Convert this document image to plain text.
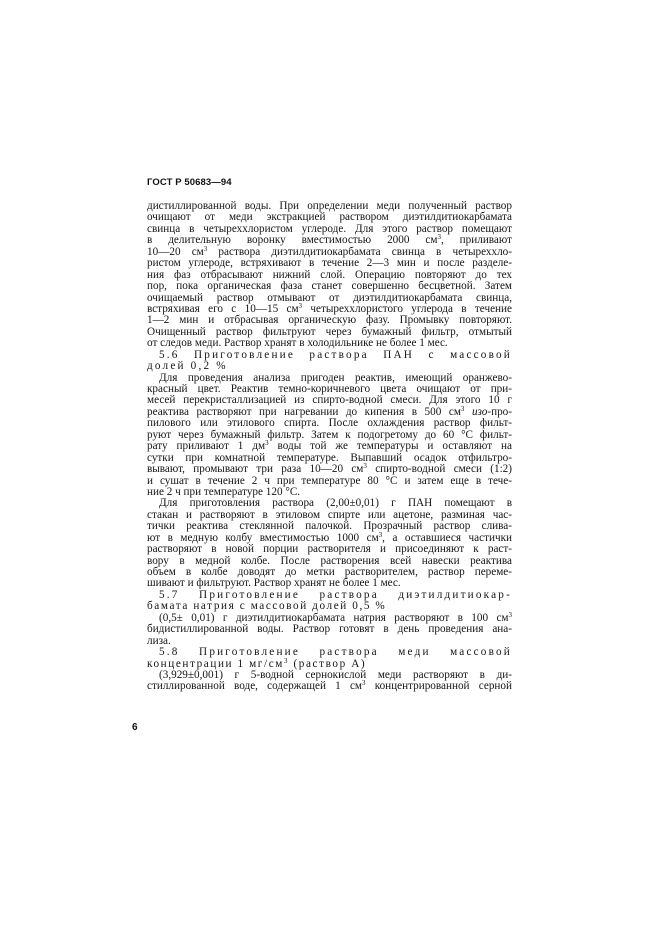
ГОСТ Р 50683—94
дистиллированной воды. При определении меди полученный раствор
очищают от меди экстракцией раствором диэтилдитиокарбамата
свинца в четыреххлористом углероде. Для этого раствор помещают
в делительную воронку вместимостью 2000 $см^3$, приливают
10—20 $см^3$ раствора диэтилдитиокарбамата свинца в четыреххло-
ристом углероде, встряхивают в течение 2—3 мин и после разделе-
ния фаз отбрасывают нижний слой. Операцию повторяют до тех
пор, пока органическая фаза станет совершенно бесцветной. Затем
очищаемый раствор отмывают от диэтилдитиокарбамата свинца,
встряхивая его с 10—15 $см^3$ четыреххлористого углерода в течение
1—2 мин и отбрасывая органическую фазу. Промывку повторяют.
Очищенный раствор фильтруют через бумажный фильтр, отмытый
от следов меди. Раствор хранят в холодильнике не более 1 мес.
5.6 Приготовление раствора ПАН с массовой
долей 0,2 %
Для проведения анализа пригоден реактив, имеющий оранжево-
красный цвет. Реактив темно-коричневого цвета очищают от при-
месей перекристаллизацией из спирто-водной смеси. Для этого 10 г
реактива растворяют при нагревании до кипения в 500 $см^3$ изо-про-
пилового или этилового спирта. После охлаждения раствор фильт-
руют через бумажный фильтр. Затем к подогретому до 60 °С фильт-
рату приливают 1 $дм^3$ воды той же температуры и оставляют на
сутки при комнатной температуре. Выпавший осадок отфильтро-
вывают, промывают три раза 10—20 $см^3$ спирто-водной смеси (1:2)
и сушат в течение 2 ч при температуре 80 °С и затем еще в тече-
ние 2 ч при температуре 120 °С.
Для приготовления раствора (2,00±0,01) г ПАН помещают в
стакан и растворяют в этиловом спирте или ацетоне, разминая час-
тички реактива стеклянной палочкой. Прозрачный раствор слива-
ют в медную колбу вместимостью 1000 $см^3$, а оставшиеся частички
растворяют в новой порции растворителя и присоединяют к раст-
вору в медной колбе. После растворения всей навески реактива
объем в колбе доводят до метки растворителем, раствор переме-
шивают и фильтруют. Раствор хранят не более 1 мес.
5.7 Приготовление раствора диэтилдитиокар-
бамата натрия с массовой долей 0,5 %
(0,5± 0,01) г диэтилдитиокарбамата натрия растворяют в 100 $см^3$
бидистиллированной воды. Раствор готовят в день проведения ана-
лиза.
5.8 Приготовление раствора меди массовой
концентрации 1 $мг/см^3$ (раствор А)
(3,929±0,001) г 5-водной сернокислой меди растворяют в ди-
стиллированной воде, содержащей 1 $см^3$ концентрированной серной
6
